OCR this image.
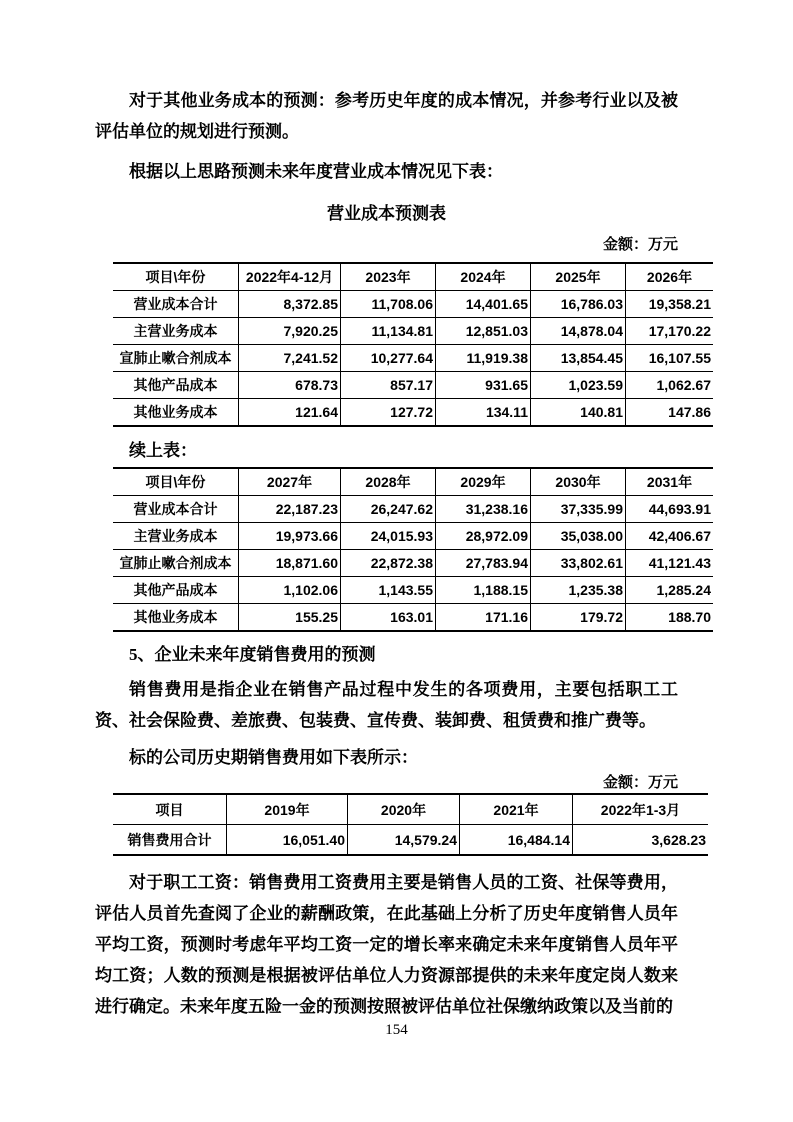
对于其他业务成本的预测：参考历史年度的成本情况，并参考行业以及被评估单位的规划进行预测。

根据以上思路预测未来年度营业成本情况见下表：

营业成本预测表
金额：万元
项目\年份	2022年4-12月	2023年	2024年	2025年	2026年
营业成本合计	8,372.85	11,708.06	14,401.65	16,786.03	19,358.21
主营业务成本	7,920.25	11,134.81	12,851.03	14,878.04	17,170.22
宣肺止嗽合剂成本	7,241.52	10,277.64	11,919.38	13,854.45	16,107.55
其他产品成本	678.73	857.17	931.65	1,023.59	1,062.67
其他业务成本	121.64	127.72	134.11	140.81	147.86
续上表：
项目\年份	2027年	2028年	2029年	2030年	2031年
营业成本合计	22,187.23	26,247.62	31,238.16	37,335.99	44,693.91
主营业务成本	19,973.66	24,015.93	28,972.09	35,038.00	42,406.67
宣肺止嗽合剂成本	18,871.60	22,872.38	27,783.94	33,802.61	41,121.43
其他产品成本	1,102.06	1,143.55	1,188.15	1,235.38	1,285.24
其他业务成本	155.25	163.01	171.16	179.72	188.70
5、企业未来年度销售费用的预测

销售费用是指企业在销售产品过程中发生的各项费用，主要包括职工工资、社会保险费、差旅费、包装费、宣传费、装卸费、租赁费和推广费等。

标的公司历史期销售费用如下表所示：

金额：万元
项目	2019年	2020年	2021年	2022年1-3月
销售费用合计	16,051.40	14,579.24	16,484.14	3,628.23

对于职工工资：销售费用工资费用主要是销售人员的工资、社保等费用，评估人员首先查阅了企业的薪酬政策，在此基础上分析了历史年度销售人员年平均工资，预测时考虑年平均工资一定的增长率来确定未来年度销售人员年平均工资；人数的预测是根据被评估单位人力资源部提供的未来年度定岗人数来进行确定。未来年度五险一金的预测按照被评估单位社保缴纳政策以及当前的

154
